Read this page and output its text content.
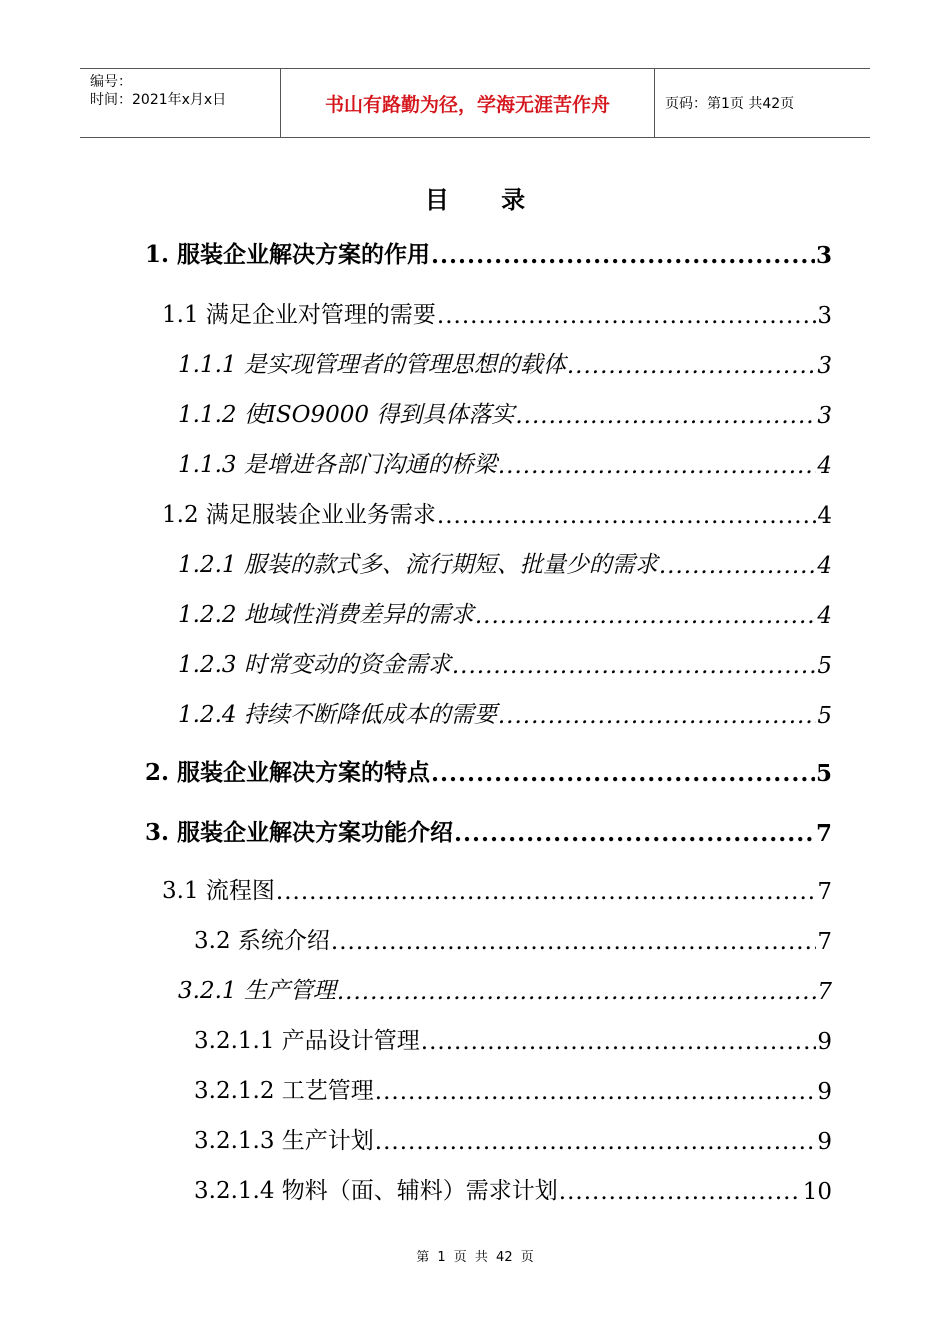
编号：
时间：2021年x月x日	书山有路勤为径，学海无涯苦作舟	页码：第1页 共42页
目 录
1. 服装企业解决方案的作用 .....	3
1.1 满足企业对管理的需要 .....	3
1.1.1 是实现管理者的管理思想的载体 .....	3
1.1.2 使ISO9000 得到具体落实 .....	3
1.1.3 是增进各部门沟通的桥梁 .....	4
1.2 满足服装企业业务需求 .....	4
1.2.1 服装的款式多、流行期短、批量少的需求 .....	4
1.2.2 地域性消费差异的需求 .....	4
1.2.3 时常变动的资金需求 .....	5
1.2.4 持续不断降低成本的需要 .....	5
2. 服装企业解决方案的特点 .....	5
3. 服装企业解决方案功能介绍 .....	7
3.1 流程图 .....	7
3.2 系统介绍 .....	7
3.2.1 生产管理 .....	7
3.2.1.1 产品设计管理 .....	9
3.2.1.2 工艺管理 .....	9
3.2.1.3 生产计划 .....	9
3.2.1.4 物料（面、辅料）需求计划 .....	10
第 1 页 共 42 页
